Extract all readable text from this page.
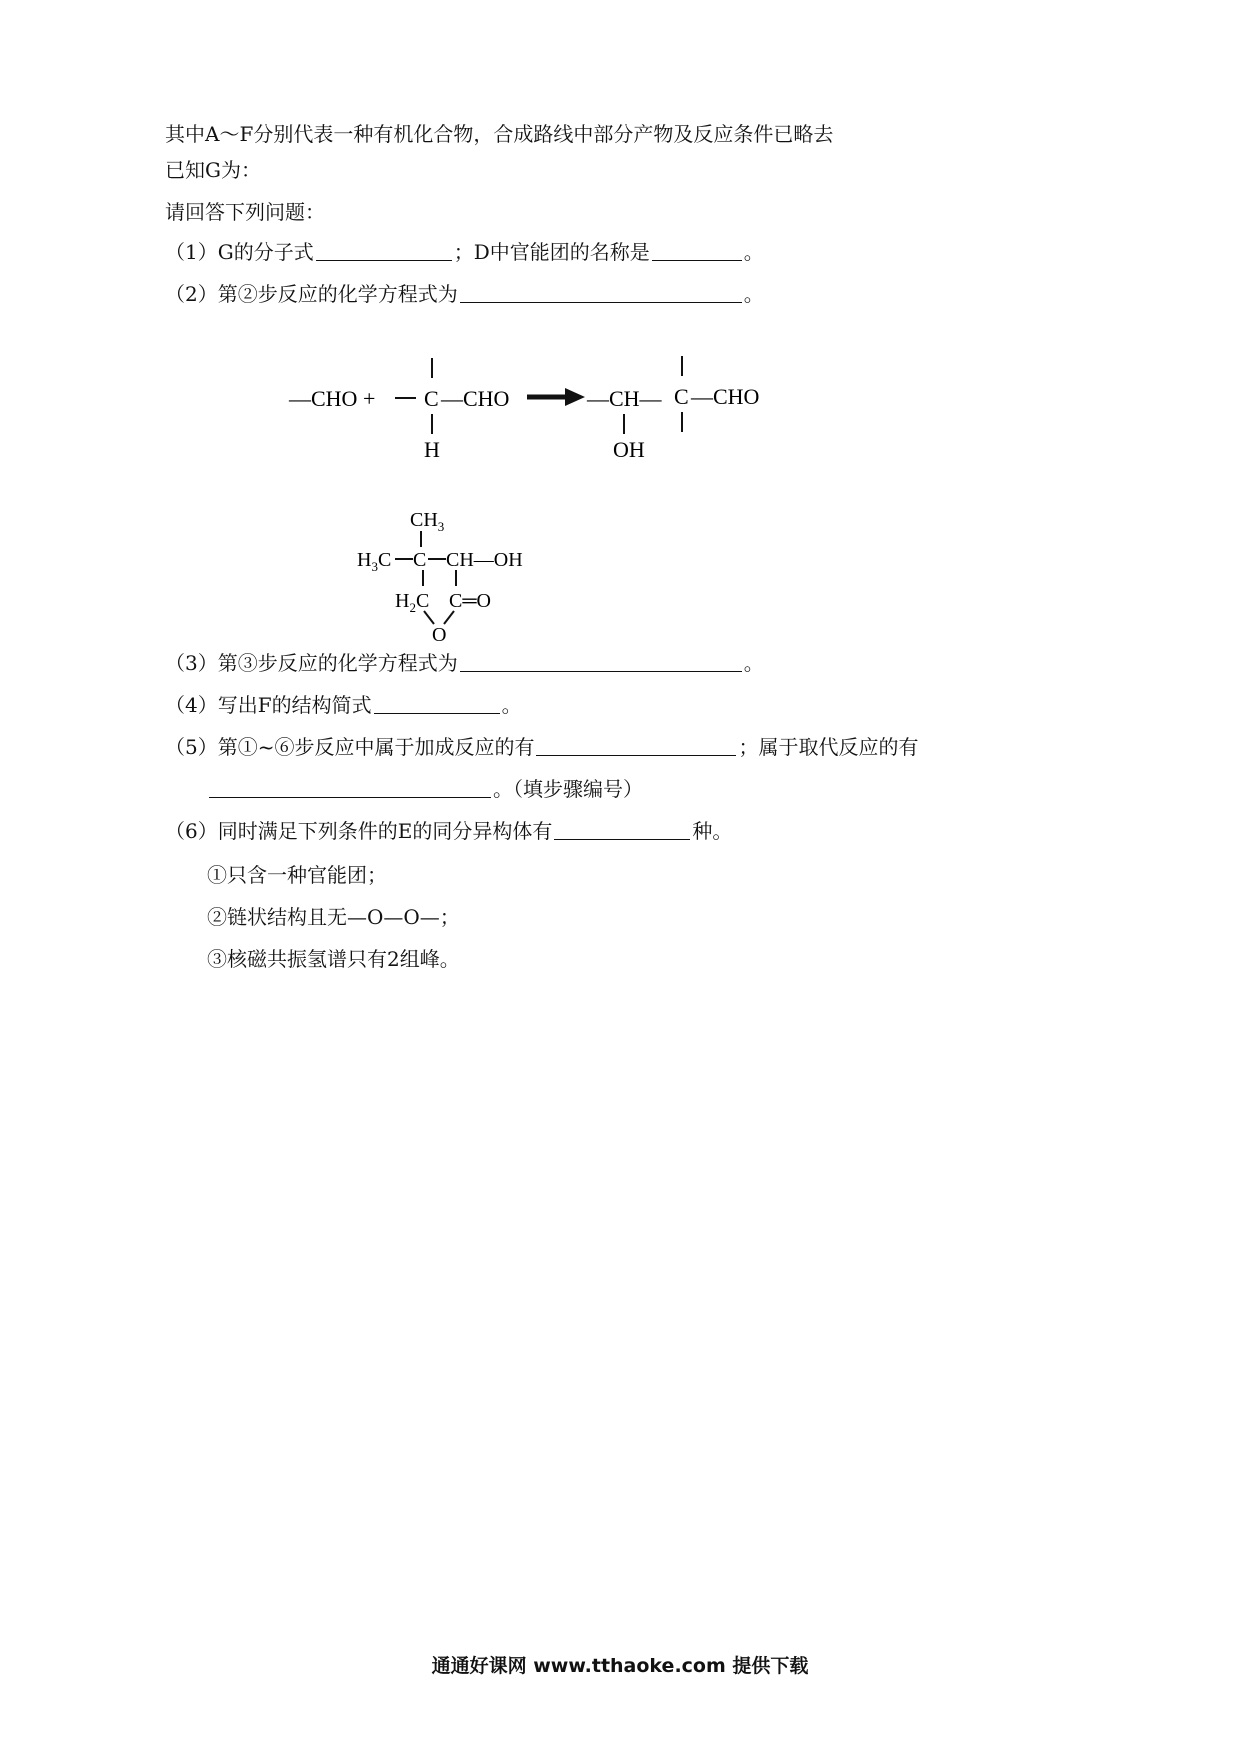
其中A～F分别代表一种有机化合物，合成路线中部分产物及反应条件已略去
已知G为：
请回答下列问题：
（1）G的分子式	；D中官能团的名称是	。
（2）第②步反应的化学方程式为	。
—CHO + C —CHO
H
—CH—
OH
C —CHO
$CH_3$
$H_3C$ C CH—OH
$H_2C$ C═O
O
（3）第③步反应的化学方程式为	。
（4）写出F的结构简式	。
（5）第①~⑥步反应中属于加成反应的有	；属于取代反应的有
。（填步骤编号）
（6）同时满足下列条件的E的同分异构体有	种。
①只含一种官能团；
②链状结构且无—O—O—；
③核磁共振氢谱只有2组峰。
通通好课网 www.tthaoke.com 提供下载
